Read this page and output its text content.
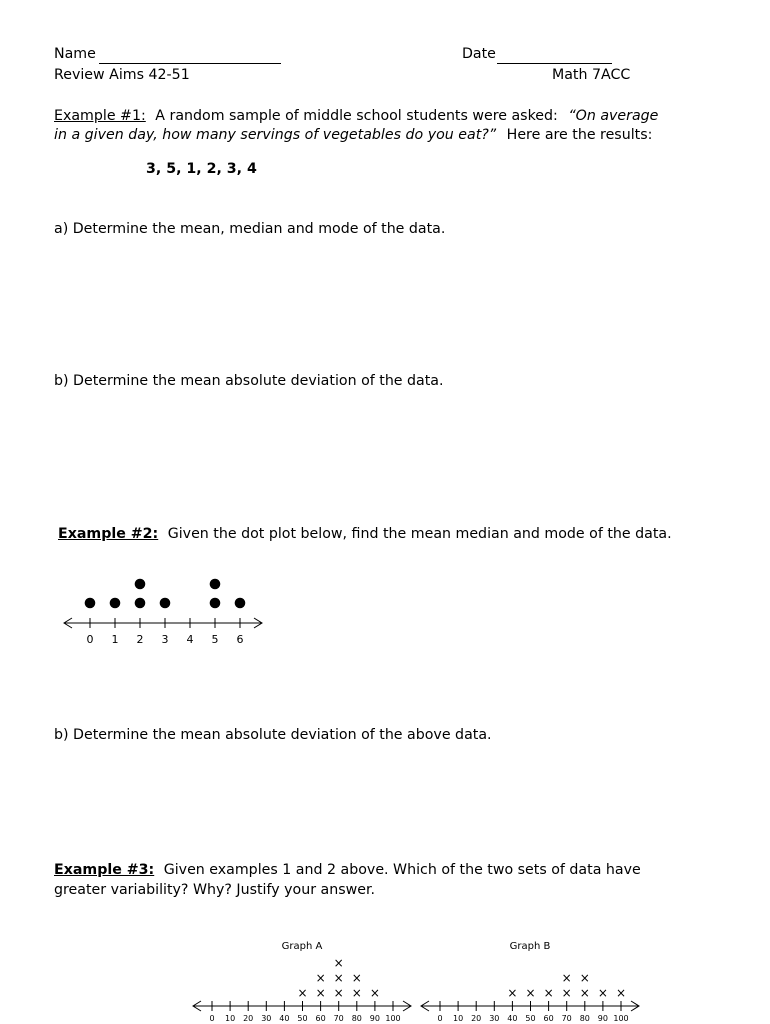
Name	Date
Review Aims 42-51	Math 7ACC
Example #1: A random sample of middle school students were asked: “On average
in a given day, how many servings of vegetables do you eat?” Here are the results:
3, 5, 1, 2, 3, 4
a) Determine the mean, median and mode of the data.
b) Determine the mean absolute deviation of the data.
Example #2: Given the dot plot below, find the mean median and mode of the data.
0 1 2 3 4 5 6
b) Determine the mean absolute deviation of the above data.
Example #3: Given examples 1 and 2 above. Which of the two sets of data have
greater variability? Why? Justify your answer.
0 10 20 30 40 50 60 70 80 90 100
Graph A
× ×
×
×
×
×
×
×
×
0 10 20 30 40 50 60 70 80 90 100
Graph B
× × × ×
×
×
×
× ×
